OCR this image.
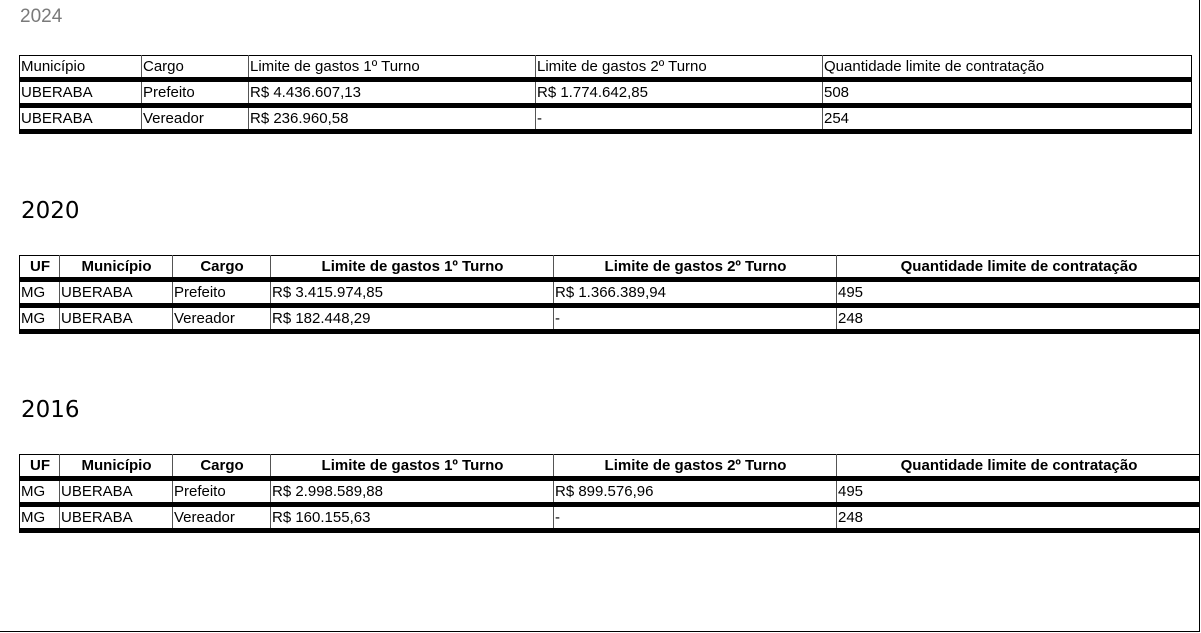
2024
Município	Cargo	Limite de gastos 1º Turno	Limite de gastos 2º Turno	Quantidade limite de contratação
UBERABA	Prefeito	R$ 4.436.607,13	R$ 1.774.642,85	508
UBERABA	Vereador	R$ 236.960,58	-	254
2020
UF	Município	Cargo	Limite de gastos 1º Turno	Limite de gastos 2º Turno	Quantidade limite de contratação
MG	UBERABA	Prefeito	R$ 3.415.974,85	R$ 1.366.389,94	495
MG	UBERABA	Vereador	R$ 182.448,29	-	248
2016
UF	Município	Cargo	Limite de gastos 1º Turno	Limite de gastos 2º Turno	Quantidade limite de contratação
MG	UBERABA	Prefeito	R$ 2.998.589,88	R$ 899.576,96	495
MG	UBERABA	Vereador	R$ 160.155,63	-	248
